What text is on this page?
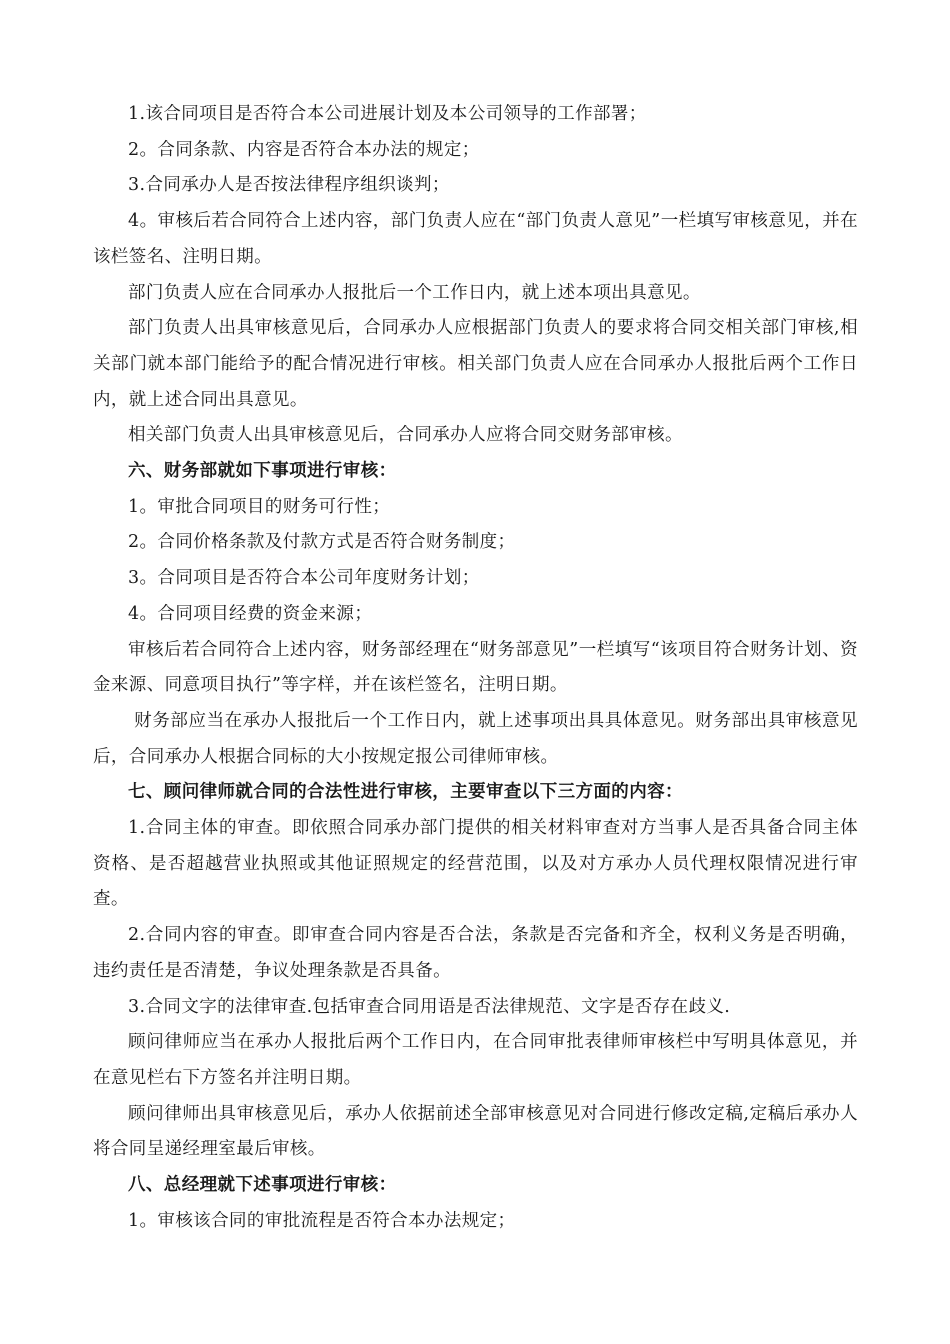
1.该合同项目是否符合本公司进展计划及本公司领导的工作部署；

2。合同条款、内容是否符合本办法的规定；

3.合同承办人是否按法律程序组织谈判；

4。审核后若合同符合上述内容，部门负责人应在“部门负责人意见”一栏填写审核意见，并在该栏签名、注明日期。

部门负责人应在合同承办人报批后一个工作日内，就上述本项出具意见。

部门负责人出具审核意见后，合同承办人应根据部门负责人的要求将合同交相关部门审核,相关部门就本部门能给予的配合情况进行审核。相关部门负责人应在合同承办人报批后两个工作日内，就上述合同出具意见。

相关部门负责人出具审核意见后，合同承办人应将合同交财务部审核。

六、财务部就如下事项进行审核：

1。审批合同项目的财务可行性；

2。合同价格条款及付款方式是否符合财务制度；

3。合同项目是否符合本公司年度财务计划；

4。合同项目经费的资金来源；

审核后若合同符合上述内容，财务部经理在“财务部意见”一栏填写“该项目符合财务计划、资金来源、同意项目执行”等字样，并在该栏签名，注明日期。

财务部应当在承办人报批后一个工作日内，就上述事项出具具体意见。财务部出具审核意见后，合同承办人根据合同标的大小按规定报公司律师审核。

七、顾问律师就合同的合法性进行审核，主要审查以下三方面的内容：

1.合同主体的审查。即依照合同承办部门提供的相关材料审查对方当事人是否具备合同主体资格、是否超越营业执照或其他证照规定的经营范围，以及对方承办人员代理权限情况进行审查。

2.合同内容的审查。即审查合同内容是否合法，条款是否完备和齐全，权利义务是否明确，违约责任是否清楚，争议处理条款是否具备。

3.合同文字的法律审查.包括审查合同用语是否法律规范、文字是否存在歧义.

顾问律师应当在承办人报批后两个工作日内，在合同审批表律师审核栏中写明具体意见，并在意见栏右下方签名并注明日期。

顾问律师出具审核意见后，承办人依据前述全部审核意见对合同进行修改定稿,定稿后承办人将合同呈递经理室最后审核。

八、总经理就下述事项进行审核：

1。审核该合同的审批流程是否符合本办法规定；
